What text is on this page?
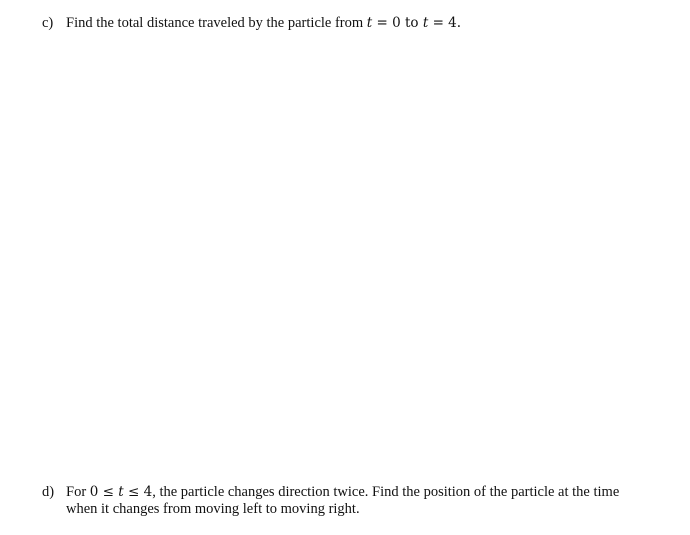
c) Find the total distance traveled by the particle from t = 0 to t = 4.
d) For 0 ≤ t ≤ 4, the particle changes direction twice. Find the position of the particle at the time when it changes from moving left to moving right.
